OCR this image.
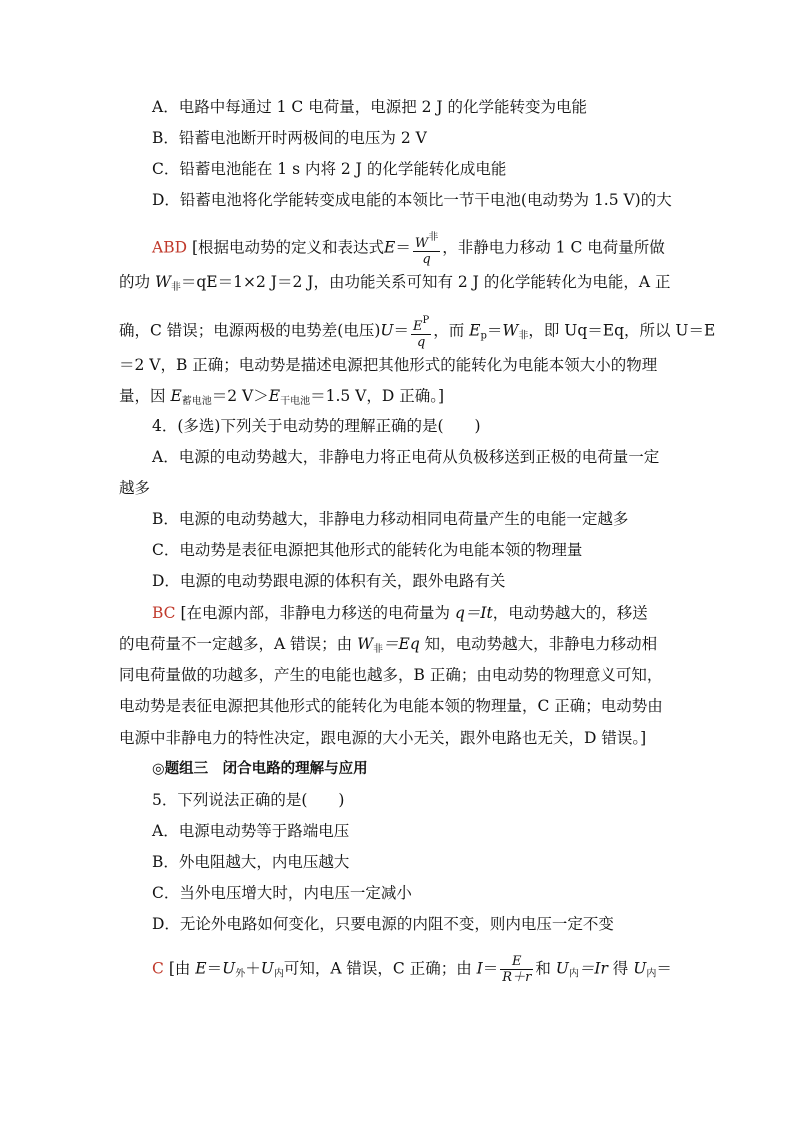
A．电路中每通过 1 C 电荷量，电源把 2 J 的化学能转变为电能
B．铅蓄电池断开时两极间的电压为 2 V
C．铅蓄电池能在 1 s 内将 2 J 的化学能转化成电能
D．铅蓄电池将化学能转变成电能的本领比一节干电池(电动势为 1.5 V)的大
ABD [根据电动势的定义和表达式$E= \frac{W^非}{q}$ ，非静电力移动 1 C 电荷量所做
的功 $W_非=qE=1\times 2$ J＝2 J，由功能关系可知有 2 J 的化学能转化为电能，A 正
确，C 错误；电源两极的电势差(电压)$U= \frac{E^P}{q}$ ，而 $E_p=W_非$，即 Uq＝Eq，所以 U＝E
＝2 V，B 正确；电动势是描述电源把其他形式的能转化为电能本领大小的物理
量，因 $E_{蓄电池}=2$ $V>E_{干电池}=1.5$ V，D 正确。]
4．(多选)下列关于电动势的理解正确的是(　　)
A．电源的电动势越大，非静电力将正电荷从负极移送到正极的电荷量一定
越多
B．电源的电动势越大，非静电力移动相同电荷量产生的电能一定越多
C．电动势是表征电源把其他形式的能转化为电能本领的物理量
D．电源的电动势跟电源的体积有关，跟外电路有关
BC [在电源内部，非静电力移送的电荷量为 q＝It，电动势越大的，移送
的电荷量不一定越多，A 错误；由 $W_非=Eq$ 知，电动势越大，非静电力移动相
同电荷量做的功越多，产生的电能也越多，B 正确；由电动势的物理意义可知，
电动势是表征电源把其他形式的能转化为电能本领的物理量，C 正确；电动势由
电源中非静电力的特性决定，跟电源的大小无关，跟外电路也无关，D 错误。]
◎题组三　闭合电路的理解与应用
5．下列说法正确的是(　　)
A．电源电动势等于路端电压
B．外电阻越大，内电压越大
C．当外电压增大时，内电压一定减小
D．无论外电路如何变化，只要电源的内阻不变，则内电压一定不变
C [由 $E=U_外+U_内$可知，A 错误，C 正确；由 $I= \frac{E}{R+r}$ 和 $U_内=Ir$ 得 $U_内=$
